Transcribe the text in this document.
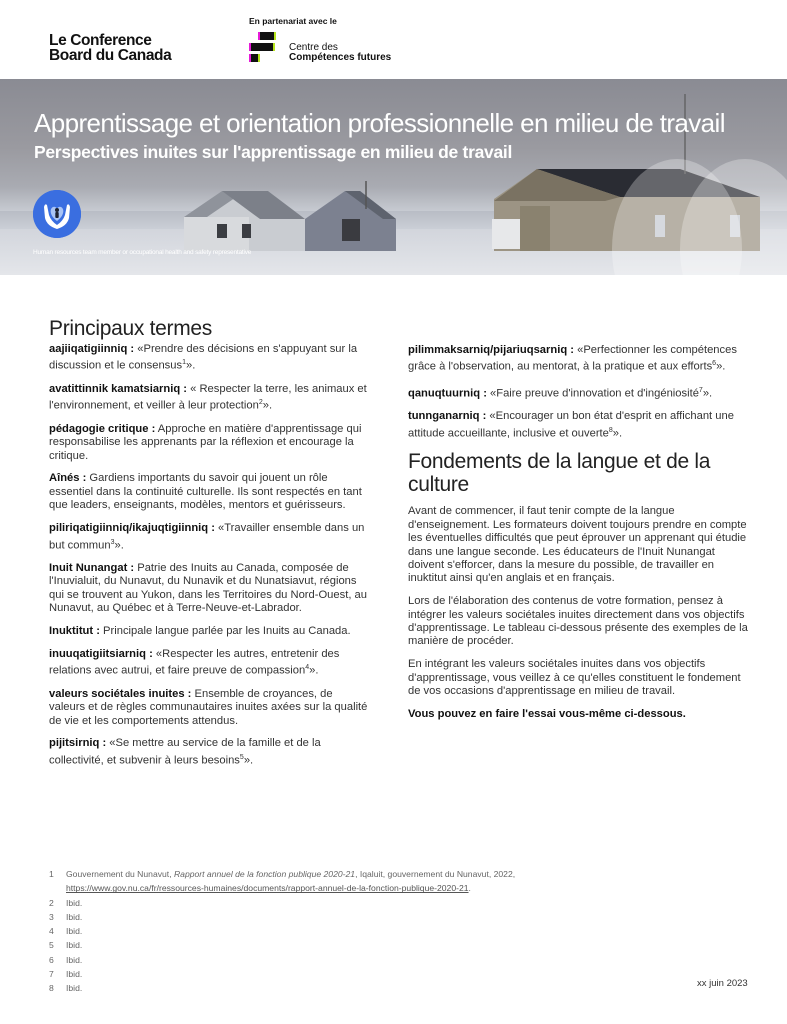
Le Conference
Board du Canada
En partenariat avec le
Centre des
Compétences futures
Apprentissage et orientation professionnelle en milieu de travail
Perspectives inuites sur l'apprentissage en milieu de travail
Human resources team member or occupational health and safety representative
Principaux termes

aajiiqatigiinniq : «Prendre des décisions en s'appuyant sur la discussion et le consensus$^1$».

avatittinnik kamatsiarniq : « Respecter la terre, les animaux et l'environnement, et veiller à leur protection$^2$».

pédagogie critique : Approche en matière d'apprentissage qui responsabilise les apprenants par la réflexion et encourage la critique.

Aînés : Gardiens importants du savoir qui jouent un rôle essentiel dans la continuité culturelle. Ils sont respectés en tant que leaders, enseignants, modèles, mentors et guérisseurs.

piliriqatigiinniq/ikajuqtigiinniq : «Travailler ensemble dans un but commun$^3$».

Inuit Nunangat : Patrie des Inuits au Canada, composée de l'Inuvialuit, du Nunavut, du Nunavik et du Nunatsiavut, régions qui se trouvent au Yukon, dans les Territoires du Nord-Ouest, au Nunavut, au Québec et à Terre-Neuve-et-Labrador.

Inuktitut : Principale langue parlée par les Inuits au Canada.

inuuqatigiitsiarniq : «Respecter les autres, entretenir des relations avec autrui, et faire preuve de compassion$^4$».

valeurs sociétales inuites : Ensemble de croyances, de valeurs et de règles communautaires inuites axées sur la qualité de vie et les comportements attendus.

pijitsirniq : «Se mettre au service de la famille et de la collectivité, et subvenir à leurs besoins$^5$».

pilimmaksarniq/pijariuqsarniq : «Perfectionner les compétences grâce à l'observation, au mentorat, à la pratique et aux efforts$^6$».

qanuqtuurniq : «Faire preuve d'innovation et d'ingéniosité$^7$».

tunnganarniq : «Encourager un bon état d'esprit en affichant une attitude accueillante, inclusive et ouverte$^8$».

Fondements de la langue et de la culture

Avant de commencer, il faut tenir compte de la langue d'enseignement. Les formateurs doivent toujours prendre en compte les éventuelles difficultés que peut éprouver un apprenant qui étudie dans une langue seconde. Les éducateurs de l'Inuit Nunangat doivent s'efforcer, dans la mesure du possible, de travailler en inuktitut ainsi qu'en anglais et en français.

Lors de l'élaboration des contenus de votre formation, pensez à intégrer les valeurs sociétales inuites directement dans vos objectifs d'apprentissage. Le tableau ci-dessous présente des exemples de la manière de procéder.

En intégrant les valeurs sociétales inuites dans vos objectifs d'apprentissage, vous veillez à ce qu'elles constituent le fondement de vos occasions d'apprentissage en milieu de travail.

Vous pouvez en faire l'essai vous-même ci-dessous.

1	Gouvernement du Nunavut, Rapport annuel de la fonction publique 2020-21, Iqaluit, gouvernement du Nunavut, 2022,
https://www.gov.nu.ca/fr/ressources-humaines/documents/rapport-annuel-de-la-fonction-publique-2020-21.
2	Ibid.
3	Ibid.
4	Ibid.
5	Ibid.
6	Ibid.
7	Ibid.
8	Ibid.	xx juin 2023
